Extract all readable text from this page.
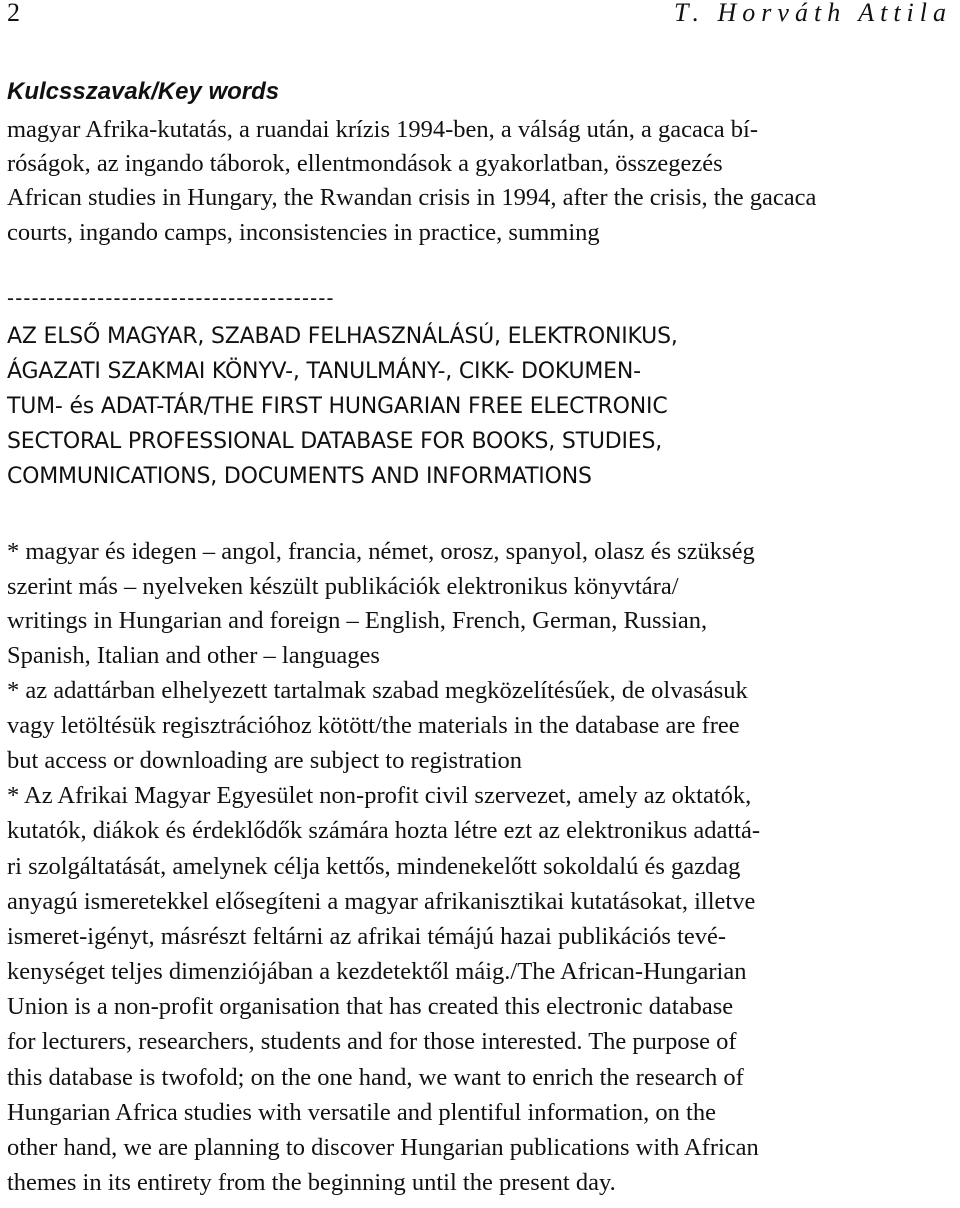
2	T. Horváth Attila
Kulcsszavak/Key words
magyar Afrika-kutatás, a ruandai krízis 1994-ben, a válság után, a gacaca bí-
róságok, az ingando táborok, ellentmondások a gyakorlatban, összegezés
African studies in Hungary, the Rwandan crisis in 1994, after the crisis, the gacaca
courts, ingando camps, inconsistencies in practice, summing
----------------------------------------
AZ ELSŐ MAGYAR, SZABAD FELHASZNÁLÁSÚ, ELEKTRONIKUS,
ÁGAZATI SZAKMAI KÖNYV-, TANULMÁNY-, CIKK- DOKUMEN-
TUM- és ADAT-TÁR/THE FIRST HUNGARIAN FREE ELECTRONIC
SECTORAL PROFESSIONAL DATABASE FOR BOOKS, STUDIES,
COMMUNICATIONS, DOCUMENTS AND INFORMATIONS
* magyar és idegen – angol, francia, német, orosz, spanyol, olasz és szükség
szerint más – nyelveken készült publikációk elektronikus könyvtára/
writings in Hungarian and foreign – English, French, German, Russian,
Spanish, Italian and other – languages
* az adattárban elhelyezett tartalmak szabad megközelítésűek, de olvasásuk
vagy letöltésük regisztrációhoz kötött/the materials in the database are free
but access or downloading are subject to registration
* Az Afrikai Magyar Egyesület non-profit civil szervezet, amely az oktatók,
kutatók, diákok és érdeklődők számára hozta létre ezt az elektronikus adattá-
ri szolgáltatását, amelynek célja kettős, mindenekelőtt sokoldalú és gazdag
anyagú ismeretekkel elősegíteni a magyar afrikanisztikai kutatásokat, illetve
ismeret-igényt, másrészt feltárni az afrikai témájú hazai publikációs tevé-
kenységet teljes dimenziójában a kezdetektől máig./The African-Hungarian
Union is a non-profit organisation that has created this electronic database
for lecturers, researchers, students and for those interested. The purpose of
this database is twofold; on the one hand, we want to enrich the research of
Hungarian Africa studies with versatile and plentiful information, on the
other hand, we are planning to discover Hungarian publications with African
themes in its entirety from the beginning until the present day.
